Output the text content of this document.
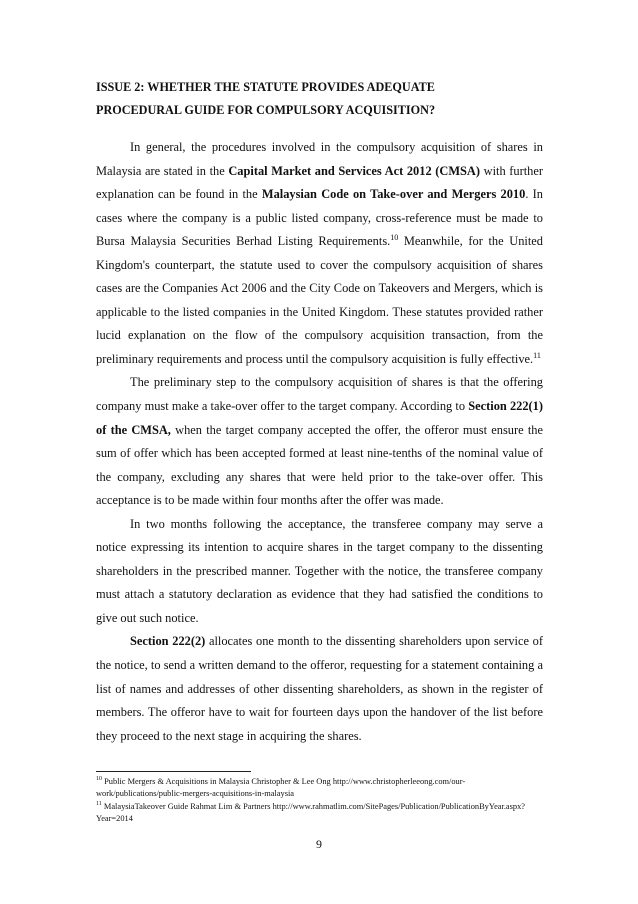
ISSUE 2: WHETHER THE STATUTE PROVIDES ADEQUATE
PROCEDURAL GUIDE FOR COMPULSORY ACQUISITION?

In general, the procedures involved in the compulsory acquisition of shares in Malaysia are stated in the Capital Market and Services Act 2012 (CMSA) with further explanation can be found in the Malaysian Code on Take-over and Mergers 2010. In cases where the company is a public listed company, cross-reference must be made to Bursa Malaysia Securities Berhad Listing Requirements.$^{10}$ Meanwhile, for the United Kingdom's counterpart, the statute used to cover the compulsory acquisition of shares cases are the Companies Act 2006 and the City Code on Takeovers and Mergers, which is applicable to the listed companies in the United Kingdom. These statutes provided rather lucid explanation on the flow of the compulsory acquisition transaction, from the preliminary requirements and process until the compulsory acquisition is fully effective.$^{11}$

The preliminary step to the compulsory acquisition of shares is that the offering company must make a take-over offer to the target company. According to Section 222(1) of the CMSA, when the target company accepted the offer, the offeror must ensure the sum of offer which has been accepted formed at least nine-tenths of the nominal value of the company, excluding any shares that were held prior to the take-over offer. This acceptance is to be made within four months after the offer was made.

In two months following the acceptance, the transferee company may serve a notice expressing its intention to acquire shares in the target company to the dissenting shareholders in the prescribed manner. Together with the notice, the transferee company must attach a statutory declaration as evidence that they had satisfied the conditions to give out such notice.

Section 222(2) allocates one month to the dissenting shareholders upon service of the notice, to send a written demand to the offeror, requesting for a statement containing a list of names and addresses of other dissenting shareholders, as shown in the register of members. The offeror have to wait for fourteen days upon the handover of the list before they proceed to the next stage in acquiring the shares.

$^{10}$ Public Mergers & Acquisitions in Malaysia Christopher & Lee Ong http://www.christopherleeong.com/our-work/publications/public-mergers-acquisitions-in-malaysia
$^{11}$ MalaysiaTakeover Guide Rahmat Lim & Partners http://www.rahmatlim.com/SitePages/Publication/PublicationByYear.aspx?Year=2014
9
